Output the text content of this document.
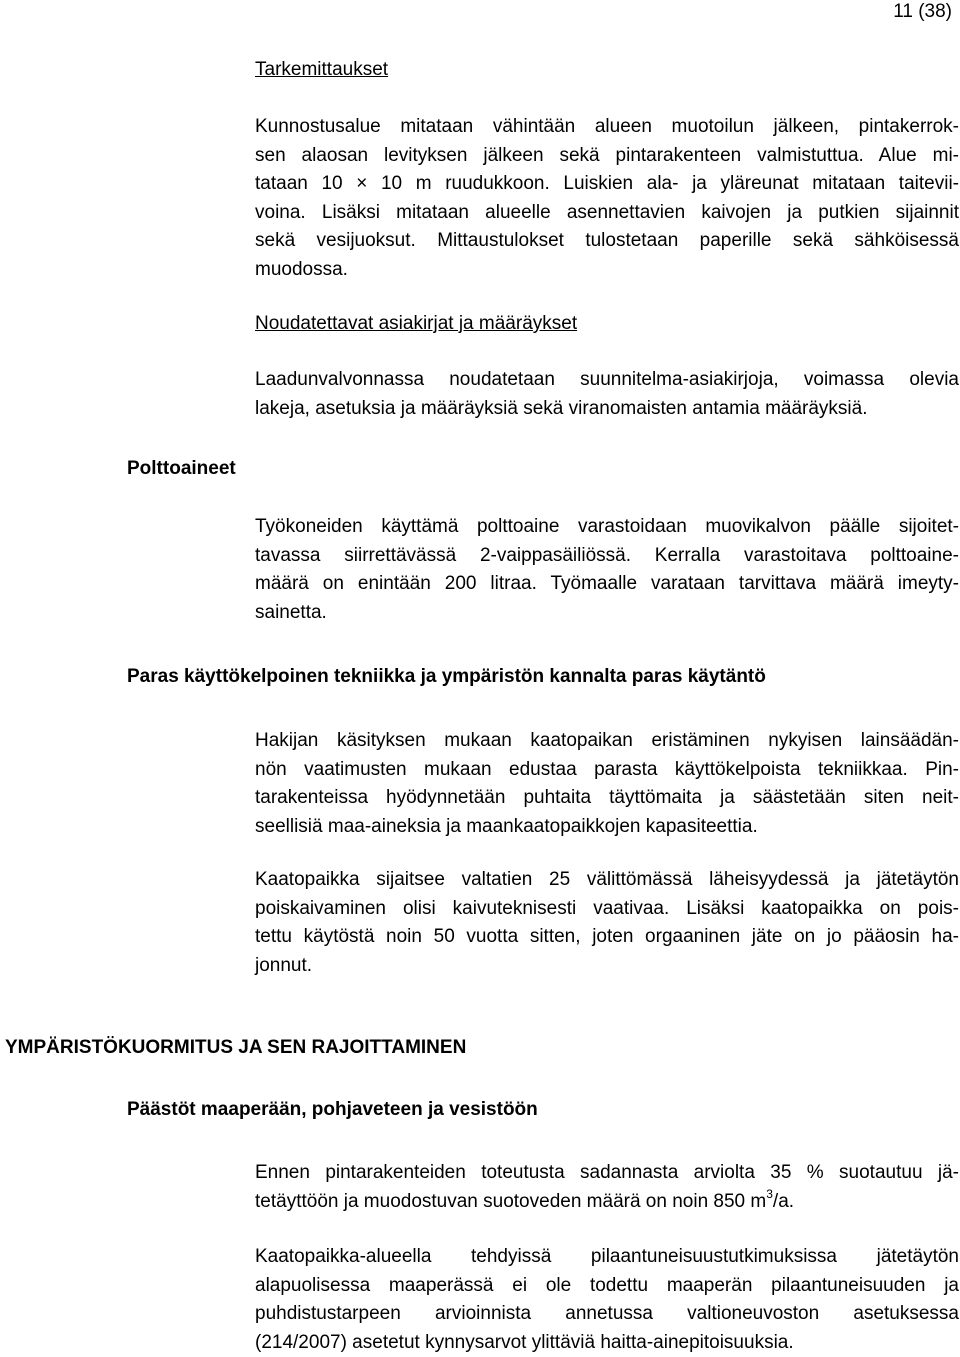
11 (38)
Tarkemittaukset
Kunnostusalue mitataan vähintään alueen muotoilun jälkeen, pintakerrok-
sen alaosan levityksen jälkeen sekä pintarakenteen valmistuttua. Alue mi-
tataan 10 × 10 m ruudukkoon. Luiskien ala- ja yläreunat mitataan taitevii-
voina. Lisäksi mitataan alueelle asennettavien kaivojen ja putkien sijainnit
sekä vesijuoksut. Mittaustulokset tulostetaan paperille sekä sähköisessä
muodossa.
Noudatettavat asiakirjat ja määräykset
Laadunvalvonnassa noudatetaan suunnitelma-asiakirjoja, voimassa olevia
lakeja, asetuksia ja määräyksiä sekä viranomaisten antamia määräyksiä.
Polttoaineet
Työkoneiden käyttämä polttoaine varastoidaan muovikalvon päälle sijoitet-
tavassa siirrettävässä 2-vaippasäiliössä. Kerralla varastoitava polttoaine-
määrä on enintään 200 litraa. Työmaalle varataan tarvittava määrä imeyty-
sainetta.
Paras käyttökelpoinen tekniikka ja ympäristön kannalta paras käytäntö
Hakijan käsityksen mukaan kaatopaikan eristäminen nykyisen lainsäädän-
nön vaatimusten mukaan edustaa parasta käyttökelpoista tekniikkaa. Pin-
tarakenteissa hyödynnetään puhtaita täyttömaita ja säästetään siten neit-
seellisiä maa-aineksia ja maankaatopaikkojen kapasiteettia.
Kaatopaikka sijaitsee valtatien 25 välittömässä läheisyydessä ja jätetäytön
poiskaivaminen olisi kaivuteknisesti vaativaa. Lisäksi kaatopaikka on pois-
tettu käytöstä noin 50 vuotta sitten, joten orgaaninen jäte on jo pääosin ha-
jonnut.
YMPÄRISTÖKUORMITUS JA SEN RAJOITTAMINEN
Päästöt maaperään, pohjaveteen ja vesistöön
Ennen pintarakenteiden toteutusta sadannasta arviolta 35 % suotautuu jä-
tetäyttöön ja muodostuvan suotoveden määrä on noin 850 $m^3/a$.
Kaatopaikka-alueella tehdyissä pilaantuneisuustutkimuksissa jätetäytön
alapuolisessa maaperässä ei ole todettu maaperän pilaantuneisuuden ja
puhdistustarpeen arvioinnista annetussa valtioneuvoston asetuksessa
(214/2007) asetetut kynnysarvot ylittäviä haitta-ainepitoisuuksia.
